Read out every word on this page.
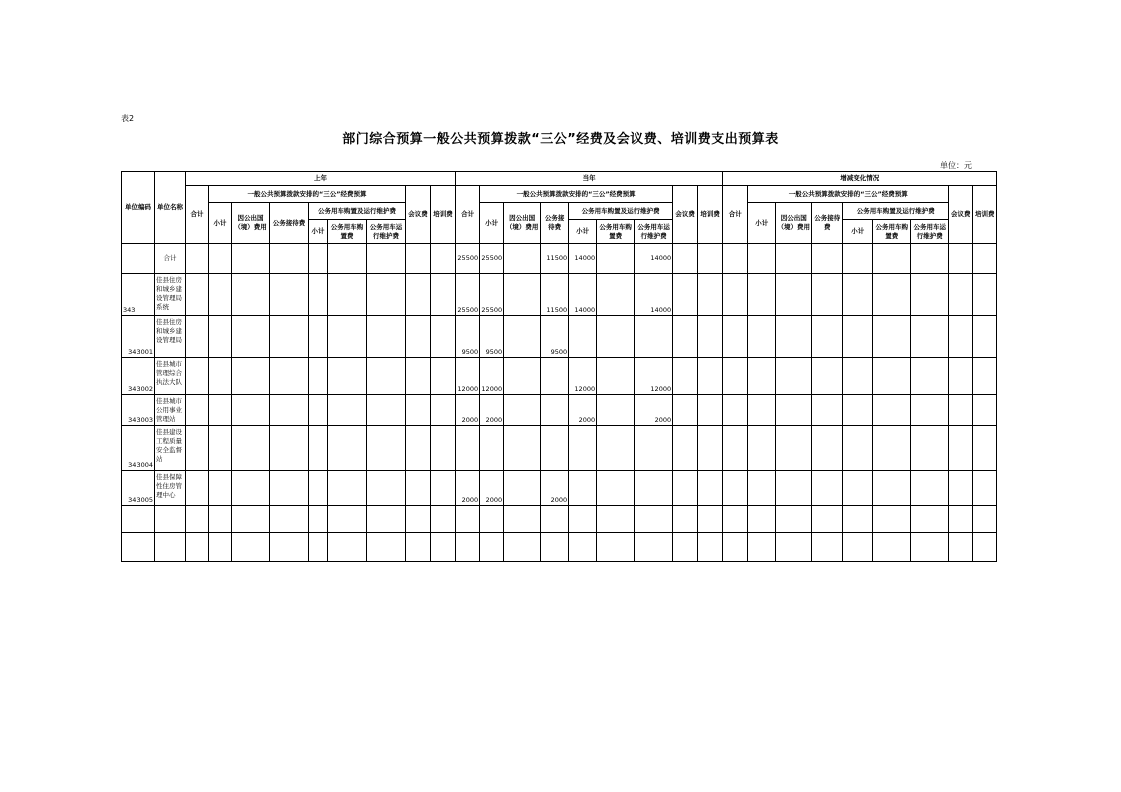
表2
部门综合预算一般公共预算拨款“三公”经费及会议费、培训费支出预算表
单位：元
单位编码	单位名称	上年									当年									增减变化情况								
		合计	一般公共预算拨款安排的“三公”经费预算						会议费	培训费	合计	一般公共预算拨款安排的“三公”经费预算						会议费	培训费	合计	一般公共预算拨款安排的“三公”经费预算						会议费	培训费
			小计	因公出国（境）费用	公务接待费	公务用车购置及运行维护费						小计	因公出国（境）费用	公务接待费	公务用车购置及运行维护费						小计	因公出国（境）费用	公务接待费	公务用车购置及运行维护费				
						小计	公务用车购置费	公务用车运行维护费							小计	公务用车购置费	公务用车运行维护费							小计	公务用车购置费	公务用车运行维护费		
	合计										25500	25500		11500	14000		14000											
343	佳县住房和城乡建设管理局系统										25500	25500		11500	14000		14000											
343001	佳县住房和城乡建设管理局										9500	9500		9500														
343002	佳县城市管理综合执法大队										12000	12000			12000		12000											
343003	佳县城市公用事业管理站										2000	2000			2000		2000											
343004	佳县建设工程质量安全监督站																											
343005	佳县保障性住房管理中心										2000	2000		2000														
